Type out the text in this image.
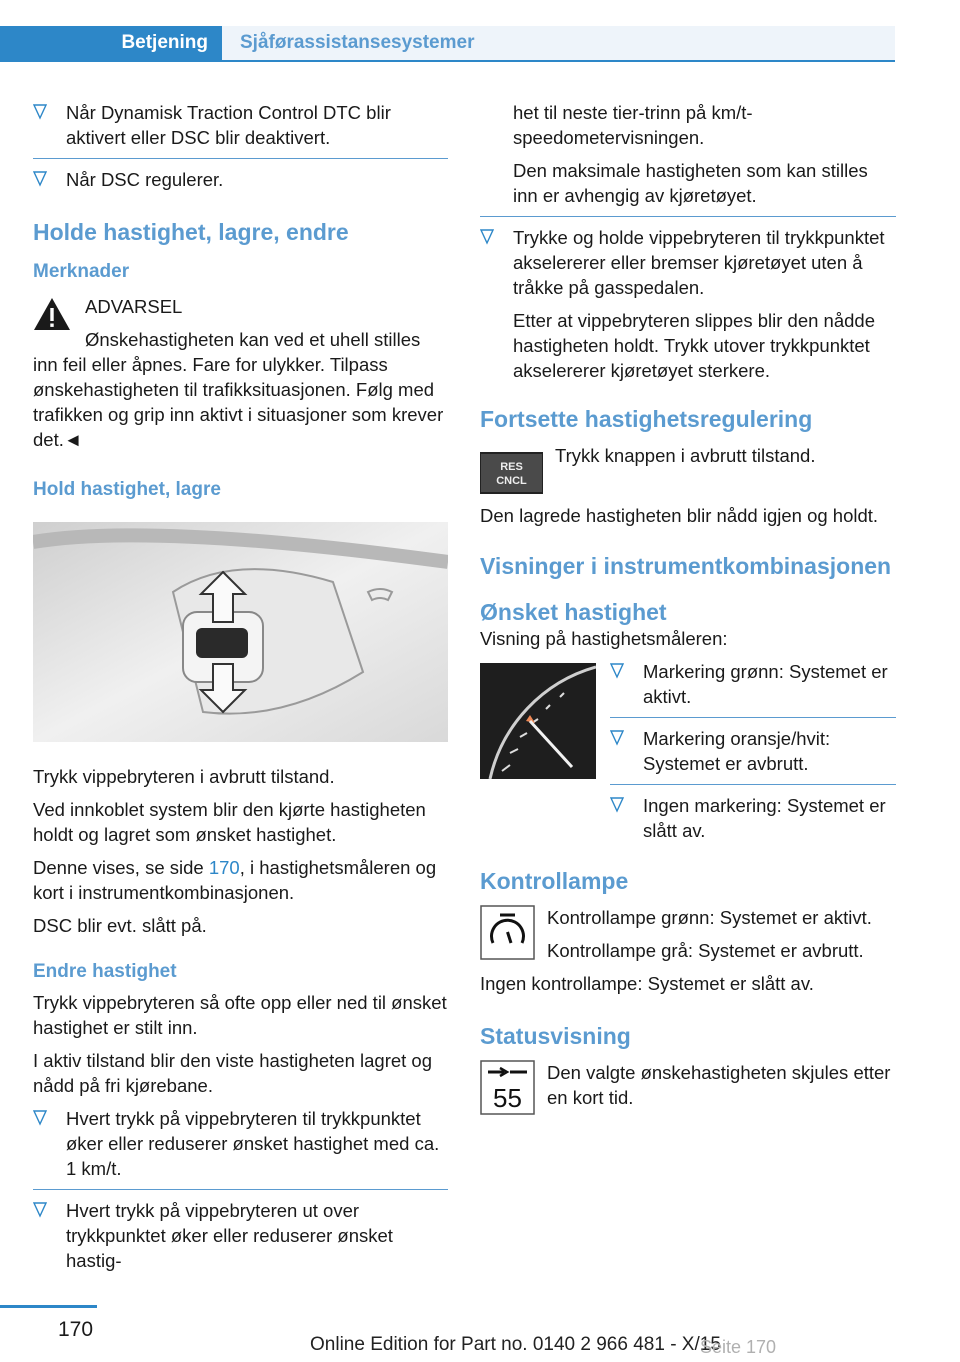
Betjening	Sjåførassistansesystemer
Når Dynamisk Traction Control DTC blir aktivert eller DSC blir deaktivert.
Når DSC regulerer.
Holde hastighet, lagre, endre
Merknader

ADVARSEL

Ønskehastigheten kan ved et uhell stilles inn feil eller åpnes. Fare for ulykker. Tilpass ønskehastigheten til trafikksituasjonen. Følg med trafikken og grip inn aktivt i situasjoner som krever det.◄

Hold hastighet, lagre

Trykk vippebryteren i avbrutt tilstand.

Ved innkoblet system blir den kjørte hastigheten holdt og lagret som ønsket hastighet.

Denne vises, se side 170, i hastighetsmåleren og kort i instrumentkombinasjonen.

DSC blir evt. slått på.

Endre hastighet

Trykk vippebryteren så ofte opp eller ned til ønsket hastighet er stilt inn.

I aktiv tilstand blir den viste hastigheten lagret og nådd på fri kjørebane.

Hvert trykk på vippebryteren til trykkpunktet øker eller reduserer ønsket hastighet med ca. 1 km/t.
Hvert trykk på vippebryteren ut over trykkpunktet øker eller reduserer ønsket hastig-

het til neste tier-trinn på km/t-speedometervisningen.

Den maksimale hastigheten som kan stilles inn er avhengig av kjøretøyet.

Trykke og holde vippebryteren til trykkpunktet akselererer eller bremser kjøretøyet uten å tråkke på gasspedalen.

Etter at vippebryteren slippes blir den nådde hastigheten holdt. Trykk utover trykkpunktet akselererer kjøretøyet sterkere.

Fortsette hastighetsregulering
RES
CNCL

Trykk knappen i avbrutt tilstand.

Den lagrede hastigheten blir nådd igjen og holdt.

Visninger i instrumentkombinasjonen
Ønsket hastighet

Visning på hastighetsmåleren:

Markering grønn: Systemet er aktivt.
Markering oransje/hvit: Systemet er avbrutt.
Ingen markering: Systemet er slått av.
Kontrollampe

Kontrollampe grønn: Systemet er aktivt.

Kontrollampe grå: Systemet er avbrutt.

Ingen kontrollampe: Systemet er slått av.

Statusvisning
55

Den valgte ønskehastigheten skjules etter en kort tid.

170
Online Edition for Part no. 0140 2 966 481 - X/15
Seite 170
